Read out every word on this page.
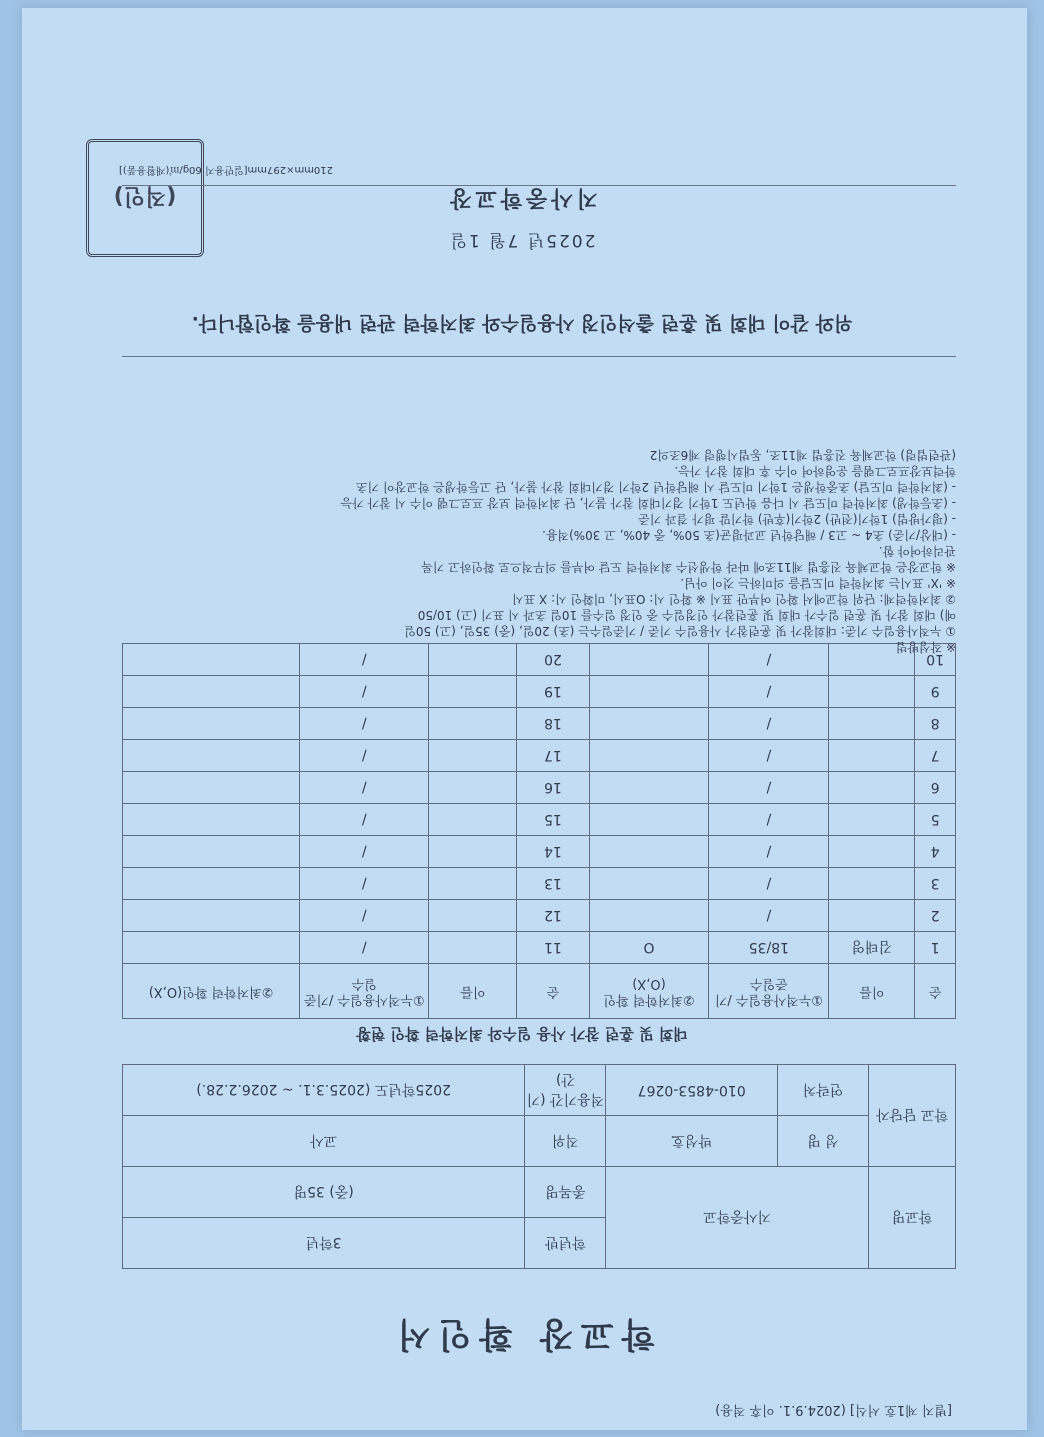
[별지 제1호 서식] (2024.9.1. 이후 적용)
학교장 확인서
학교명	지사중학교		학년반	3학년
			종목명	(중) 35명
학교 담당자	성 명	박성호	직위	교사
	연락처	010-4853-0267	적용기간 (기간)	2025학년도 (2025.3.1. ~ 2026.2.28.)
대회 및 훈련 참가 사용 일수와 최저학력 확인 현황
순	이름	①누적사용일수 /기준일수	②최저학력 확인(O,X)	순	이름	①누적사용일수 /기준일수	②최저학력 확인(O,X)
1	김태영	18/35	O	11		/	
2		/		12		/	
3		/		13		/	
4		/		14		/	
5		/		15		/	
6		/		16		/	
7		/		17		/	
8		/		18		/	
9		/		19		/	
10		/		20		/	
※ 작성방법
① 누적사용일수 기준: 대회참가 및 훈련참가 사용일수 기준 / 기준일수는 (초) 20일, (중) 35일, (고) 50일
예) 대회 참가 및 훈련 일수가 대회 및 훈련참가 인정일수 중 인정 일수를 10일 초과 시 표기 (고) 10/50
② 최저학력제: 단위 학교에서 확인 여부만 표시 ※ 확인 시: O표시, 미확인 시: X 표시
※ 'X' 표시는 최저학력 미도달을 의미하는 것이 아님.
※ 학교장은 학교체육 진흥법 제11조에 따라 학생선수 최저학력 도달 여부를 의무적으로 확인하고 기록
관리하여야 함.
- (대상/기준) 초4 ~ 고3 / 해당학년 교과평균(초 50%, 중 40%, 고 30%)적용.
- (평가방법) 1학기(전반) 2학기(후반) 학기말 평가 결과 기준
- (초등학생) 최저학력 미도달 시 다음 학년도 1학기 경기대회 참가 불가, 단 최저학력 보장 프로그램 이수 시 참가 가능
- (최저학력 미도달) 초중학생은 1학기 미도달 시 해당학년 2학기 경기대회 참가 불가, 단 고등학생은 학교장이 기초
학력보장프로그램을 운영하여 이수 후 대회 참가 가능.
(관련법령) 학교체육 진흥법 제11조, 동법시행령 제6조의2
위와 같이 대회 및 훈련 출석인정 사용일수와 최저학력 관련 내용을 확인합니다.
2025년 7월 1일
지사중학교장
(직인)
210mm×297mm[일반용지 60g/㎡(재활용품)]
